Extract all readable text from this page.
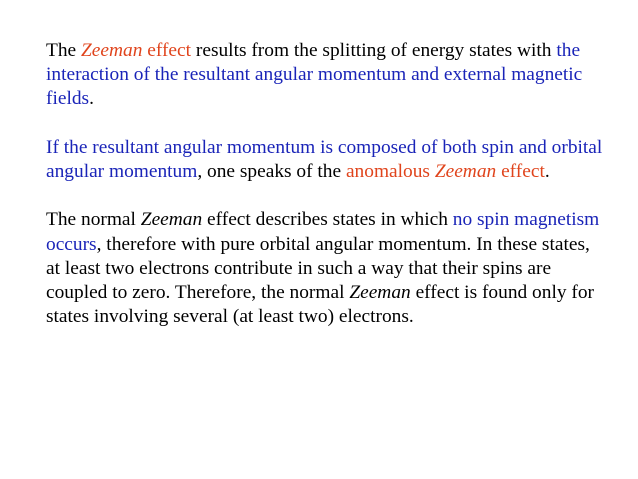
The Zeeman effect results from the splitting of energy states with the interaction of the resultant angular momentum and external magnetic fields.

If the resultant angular momentum is composed of both spin and orbital angular momentum, one speaks of the anomalous Zeeman effect.

The normal Zeeman effect describes states in which no spin magnetism occurs, therefore with pure orbital angular momentum. In these states, at least two electrons contribute in such a way that their spins are coupled to zero. Therefore, the normal Zeeman effect is found only for states involving several (at least two) electrons.
